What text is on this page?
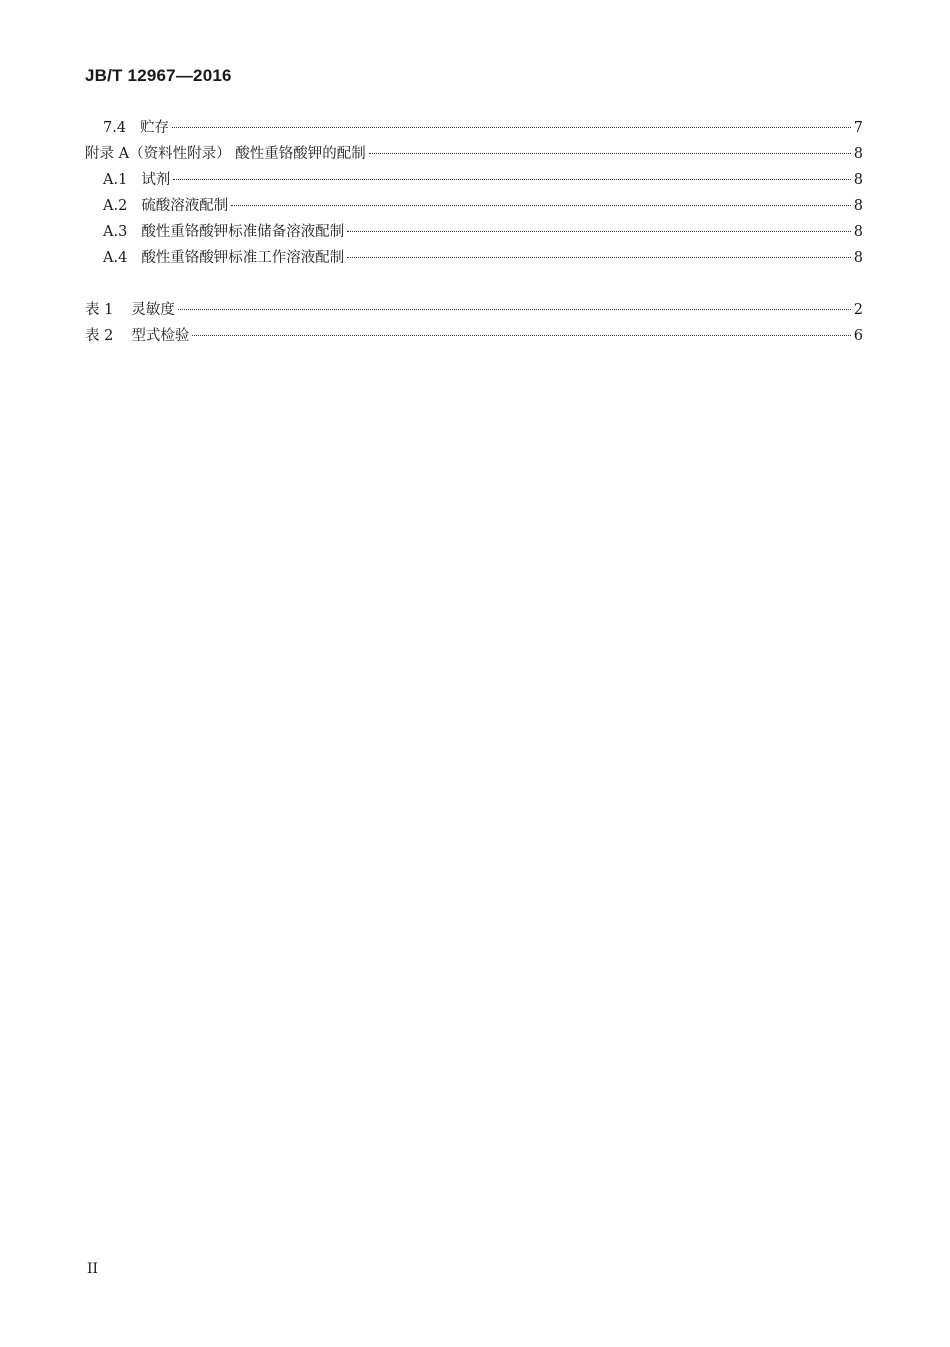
JB/T 12967—2016
7.4 贮存	7
附录 A （资料性附录） 酸性重铬酸钾的配制	8
A.1 试剂	8
A.2 硫酸溶液配制	8
A.3 酸性重铬酸钾标准储备溶液配制	8
A.4 酸性重铬酸钾标准工作溶液配制	8
表 1 灵敏度	2
表 2 型式检验	6
II
